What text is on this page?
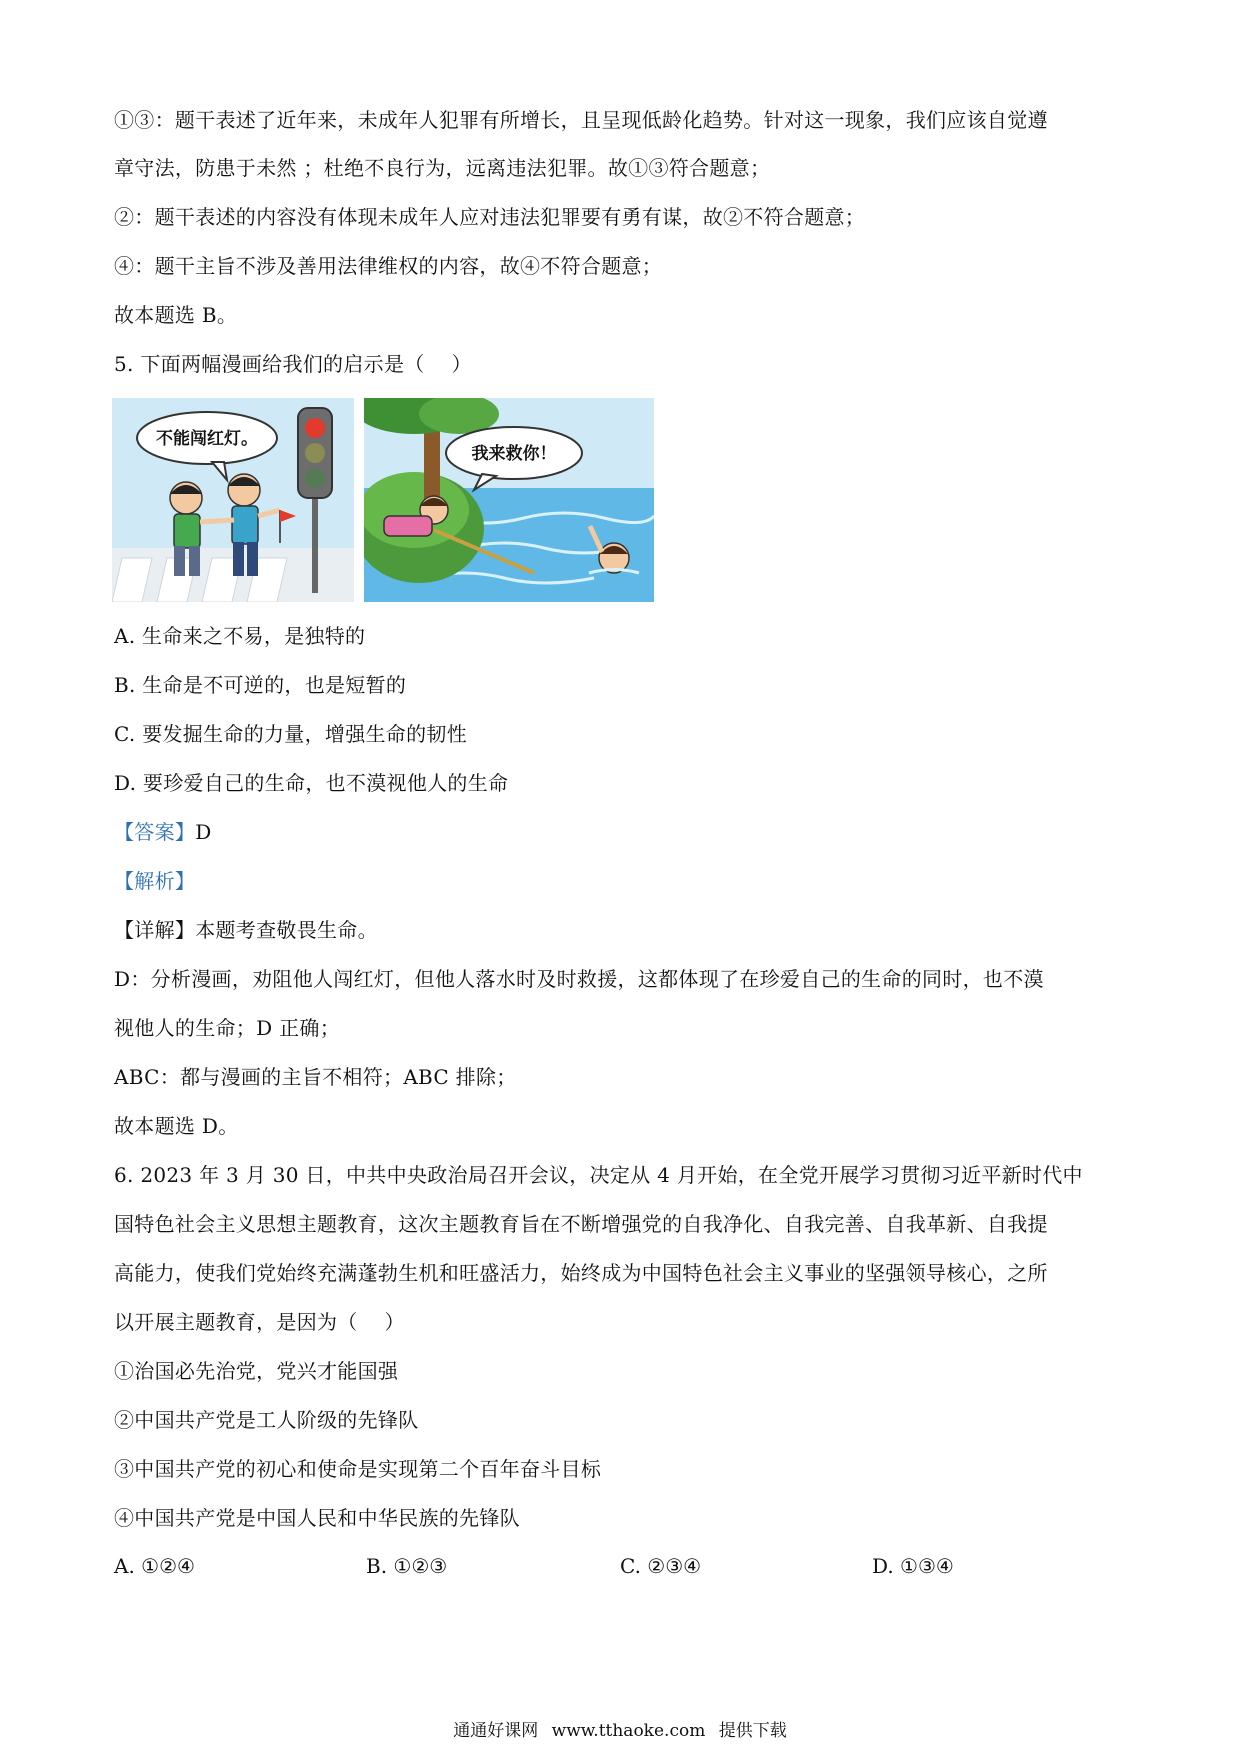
①③：题干表述了近年来，未成年人犯罪有所增长，且呈现低龄化趋势。针对这一现象，我们应该自觉遵
章守法，防患于未然 ；杜绝不良行为，远离违法犯罪。故①③符合题意；
②：题干表述的内容没有体现未成年人应对违法犯罪要有勇有谋，故②不符合题意；
④：题干主旨不涉及善用法律维权的内容，故④不符合题意；
故本题选 B。
5. 下面两幅漫画给我们的启示是（　 ）
不能闯红灯。
我来救你！
A. 生命来之不易，是独特的
B. 生命是不可逆的，也是短暂的
C. 要发掘生命的力量，增强生命的韧性
D. 要珍爱自己的生命，也不漠视他人的生命
【答案】D
【解析】
【详解】本题考查敬畏生命。
D：分析漫画，劝阻他人闯红灯，但他人落水时及时救援，这都体现了在珍爱自己的生命的同时，也不漠
视他人的生命；D 正确；
ABC：都与漫画的主旨不相符；ABC 排除；
故本题选 D。
6. 2023 年 3 月 30 日，中共中央政治局召开会议，决定从 4 月开始，在全党开展学习贯彻习近平新时代中
国特色社会主义思想主题教育，这次主题教育旨在不断增强党的自我净化、自我完善、自我革新、自我提
高能力，使我们党始终充满蓬勃生机和旺盛活力，始终成为中国特色社会主义事业的坚强领导核心，之所
以开展主题教育，是因为（　 ）
①治国必先治党，党兴才能国强
②中国共产党是工人阶级的先锋队
③中国共产党的初心和使命是实现第二个百年奋斗目标
④中国共产党是中国人民和中华民族的先锋队
A. ①②④	B. ①②③	C. ②③④	D. ①③④
通通好课网 www.tthaoke.com 提供下载
